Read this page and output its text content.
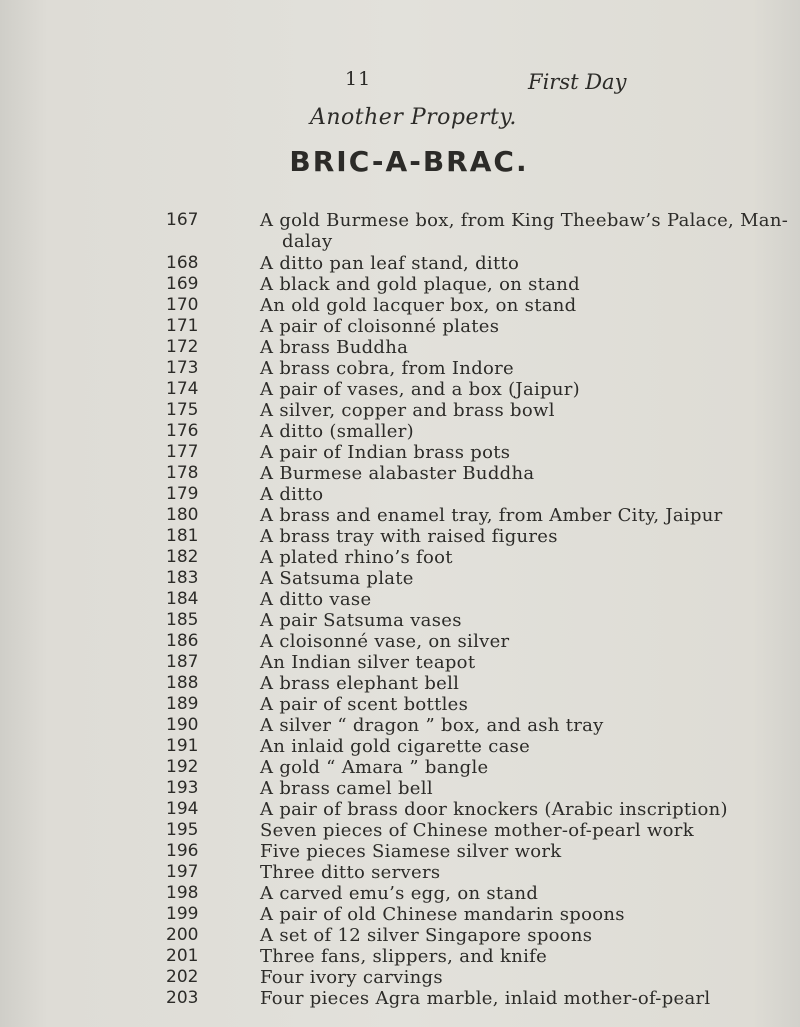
11	First Day
Another Property.
BRIC-A-BRAC.
167	A gold Burmese box, from King Theebaw’s Palace, Man-
dalay
168	A ditto pan leaf stand, ditto
169	A black and gold plaque, on stand
170	An old gold lacquer box, on stand
171	A pair of cloisonné plates
172	A brass Buddha
173	A brass cobra, from Indore
174	A pair of vases, and a box (Jaipur)
175	A silver, copper and brass bowl
176	A ditto (smaller)
177	A pair of Indian brass pots
178	A Burmese alabaster Buddha
179	A ditto
180	A brass and enamel tray, from Amber City, Jaipur
181	A brass tray with raised figures
182	A plated rhino’s foot
183	A Satsuma plate
184	A ditto vase
185	A pair Satsuma vases
186	A cloisonné vase, on silver
187	An Indian silver teapot
188	A brass elephant bell
189	A pair of scent bottles
190	A silver “ dragon ” box, and ash tray
191	An inlaid gold cigarette case
192	A gold “ Amara ” bangle
193	A brass camel bell
194	A pair of brass door knockers (Arabic inscription)
195	Seven pieces of Chinese mother-of-pearl work
196	Five pieces Siamese silver work
197	Three ditto servers
198	A carved emu’s egg, on stand
199	A pair of old Chinese mandarin spoons
200	A set of 12 silver Singapore spoons
201	Three fans, slippers, and knife
202	Four ivory carvings
203	Four pieces Agra marble, inlaid mother-of-pearl
